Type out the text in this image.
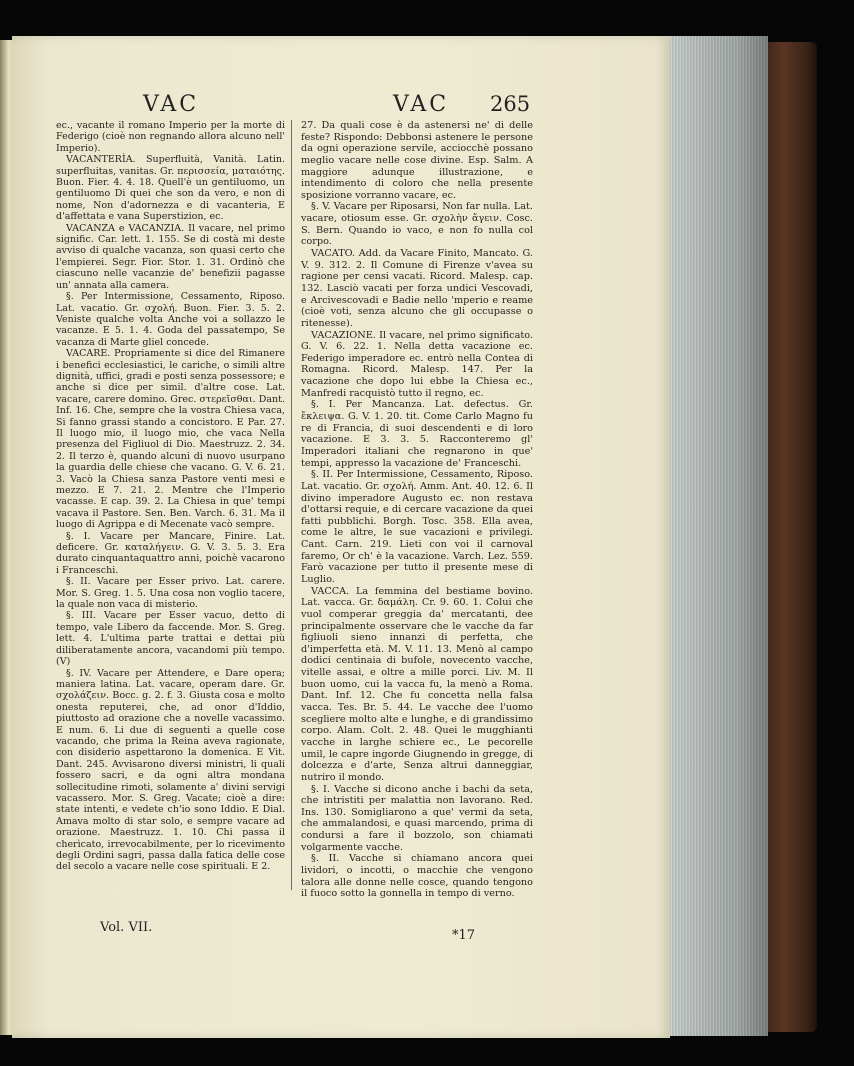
VAC	VAC 265

ec., vacante il romano Imperio per la morte di Federigo (cioè non regnando allora alcuno nell' Imperio).

VACANTERÌA. Superfluità, Vanità. Latin. superfluitas, vanitas. Gr. περισσεία, ματαιότης. Buon. Fier. 4. 4. 18. Quell'è un gentiluomo, un gentiluomo Di quei che son da vero, e non di nome, Non d'adornezza e di vacanteria, E d'affettata e vana Superstizion, ec.

VACANZA e VACANZIA. Il vacare, nel primo signific. Car. lett. 1. 155. Se di costà mi deste avviso di qualche vacanza, son quasi certo che l'empierei. Segr. Fior. Stor. 1. 31. Ordinò che ciascuno nelle vacanzie de' benefizii pagasse un' annata alla camera.

§. Per Intermissione, Cessamento, Riposo. Lat. vacatio. Gr. σχολή. Buon. Fier. 3. 5. 2. Veniste qualche volta Anche voi a sollazzo le vacanze. E 5. 1. 4. Goda del passatempo, Se vacanza di Marte gliel concede.

VACARE. Propriamente si dice del Rimanere i benefici ecclesiastici, le cariche, o simili altre dignità, uffici, gradi e posti senza possessore; e anche si dice per simil. d'altre cose. Lat. vacare, carere domino. Grec. στερεῖσθαι. Dant. Inf. 16. Che, sempre che la vostra Chiesa vaca, Si fanno grassi stando a concistoro. E Par. 27. Il luogo mio, il luogo mio, che vaca Nella presenza del Figliuol di Dio. Maestruzz. 2. 34. 2. Il terzo è, quando alcuni di nuovo usurpano la guardia delle chiese che vacano. G. V. 6. 21. 3. Vacò la Chiesa sanza Pastore venti mesi e mezzo. E 7. 21. 2. Mentre che l'Imperio vacasse. E cap. 39. 2. La Chiesa in que' tempi vacava il Pastore. Sen. Ben. Varch. 6. 31. Ma il luogo di Agrippa e di Mecenate vacò sempre.

§. I. Vacare per Mancare, Finire. Lat. deficere. Gr. καταλήγειν. G. V. 3. 5. 3. Era durato cinquantaquattro anni, poichè vacarono i Franceschi.

§. II. Vacare per Esser privo. Lat. carere. Mor. S. Greg. 1. 5. Una cosa non voglio tacere, la quale non vaca di misterio.

§. III. Vacare per Esser vacuo, detto di tempo, vale Libero da faccende. Mor. S. Greg. lett. 4. L'ultima parte trattai e dettai più diliberatamente ancora, vacandomi più tempo. (V)

§. IV. Vacare per Attendere, e Dare opera; maniera latina. Lat. vacare, operam dare. Gr. σχολάζειν. Bocc. g. 2. f. 3. Giusta cosa e molto onesta reputerei, che, ad onor d'Iddio, piuttosto ad orazione che a novelle vacassimo. E num. 6. Li due di seguenti a quelle cose vacando, che prima la Reina aveva ragionate, con disiderio aspettarono la domenica. E Vit. Dant. 245. Avvisarono diversi ministri, li quali fossero sacri, e da ogni altra mondana sollecitudine rimoti, solamente a' divini servigi vacassero. Mor. S. Greg. Vacate; cioè a dire: state intenti, e vedete ch'io sono Iddio. E Dial. Amava molto di star solo, e sempre vacare ad orazione. Maestruzz. 1. 10. Chi passa il cherìcato, irrevocabilmente, per lo ricevimento degli Ordini sagri, passa dalla fatica delle cose del secolo a vacare nelle cose spirituali. E 2.

27. Da quali cose è da astenersi ne' di delle feste? Rispondo: Debbonsi astenere le persone da ogni operazione servile, acciocchè possano meglio vacare nelle cose divine. Esp. Salm. A maggiore adunque illustrazione, e intendimento di coloro che nella presente sposizione vorranno vacare, ec.

§. V. Vacare per Riposarsi, Non far nulla. Lat. vacare, otiosum esse. Gr. σχολὴν ἄγειν. Cosc. S. Bern. Quando io vaco, e non fo nulla col corpo.

VACATO. Add. da Vacare Finito, Mancato. G. V. 9. 312. 2. Il Comune di Firenze v'avea su ragione per censi vacati. Ricord. Malesp. cap. 132. Lasciò vacati per forza undici Vescovadi, e Arcivescovadi e Badie nello 'mperio e reame (cioè voti, senza alcuno che gli occupasse o ritenesse).

VACAZIONE. Il vacare, nel primo significato. G. V. 6. 22. 1. Nella detta vacazione ec. Federigo imperadore ec. entrò nella Contea di Romagna. Ricord. Malesp. 147. Per la vacazione che dopo lui ebbe la Chiesa ec., Manfredi racquistò tutto il regno, ec.

§. I. Per Mancanza. Lat. defectus. Gr. ἔκλειψα. G. V. 1. 20. tit. Come Carlo Magno fu re di Francia, di suoi descendenti e di loro vacazione. E 3. 3. 5. Racconteremo gl' Imperadori italiani che regnarono in que' tempi, appresso la vacazione de' Franceschi.

§. II. Per Intermissione, Cessamento, Riposo. Lat. vacatio. Gr. σχολή. Amm. Ant. 40. 12. 6. Il divino imperadore Augusto ec. non restava d'ottarsi requie, e di cercare vacazione da quei fatti pubblichi. Borgh. Tosc. 358. Ella avea, come le altre, le sue vacazioni e privilegi. Cant. Carn. 219. Lieti con voi il carnoval faremo, Or ch' è la vacazione. Varch. Lez. 559. Farò vacazione per tutto il presente mese di Luglio.

VACCA. La femmina del bestiame bovino. Lat. vacca. Gr. δαμάλη. Cr. 9. 60. 1. Colui che vuol comperar greggia da' mercatanti, dee principalmente osservare che le vacche da far figliuoli sieno innanzi di perfetta, che d'imperfetta età. M. V. 11. 13. Menò al campo dodici centinaia di bufole, novecento vacche, vitelle assai, e oltre a mille porci. Liv. M. Il buon uomo, cui la vacca fu, la menò a Roma. Dant. Inf. 12. Che fu concetta nella falsa vacca. Tes. Br. 5. 44. Le vacche dee l'uomo scegliere molto alte e lunghe, e di grandissimo corpo. Alam. Colt. 2. 48. Quei le mugghianti vacche in larghe schiere ec., Le pecorelle umil, le capre ingorde Giugnendo in gregge, di dolcezza e d'arte, Senza altrui danneggiar, nutriro il mondo.

§. I. Vacche si dicono anche i bachi da seta, che intristiti per malattia non lavorano. Red. Ins. 130. Somigliarono a que' vermi da seta, che ammalandosi, e quasi marcendo, prima di condursi a fare il bozzolo, son chiamati volgarmente vacche.

§. II. Vacche si chiamano ancora quei lividori, o incotti, o macchie che vengono talora alle donne nelle cosce, quando tengono il fuoco sotto la gonnella in tempo di verno.

Vol. VII.
*17
